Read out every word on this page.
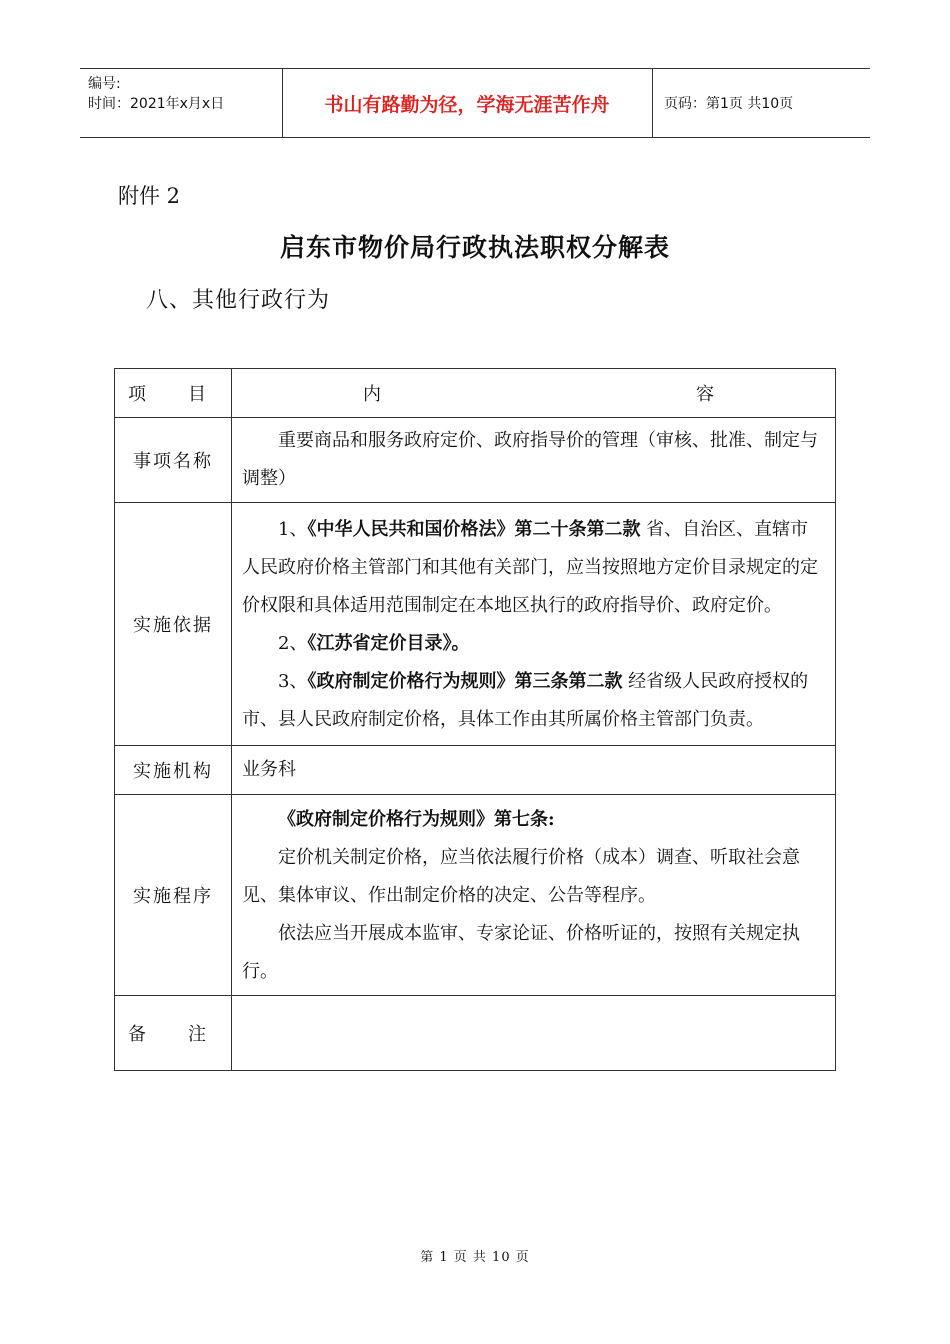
编号:
时间：2021年x月x日	书山有路勤为径，学海无涯苦作舟	页码：第1页 共10页
附件 2
启东市物价局行政执法职权分解表
八、其他行政行为
项 目	内 容

事项名称	重要商品和服务政府定价、政府指导价的管理（审核、批准、制定与调整）

实施依据	1、《中华人民共和国价格法》第二十条第二款 省、自治区、直辖市人民政府价格主管部门和其他有关部门，应当按照地方定价目录规定的定价权限和具体适用范围制定在本地区执行的政府指导价、政府定价。

2、《江苏省定价目录》。

3、《政府制定价格行为规则》第三条第二款 经省级人民政府授权的市、县人民政府制定价格，具体工作由其所属价格主管部门负责。

实施机构	业务科

实施程序	《政府制定价格行为规则》第七条:

定价机关制定价格，应当依法履行价格（成本）调查、听取社会意见、集体审议、作出制定价格的决定、公告等程序。

依法应当开展成本监审、专家论证、价格听证的，按照有关规定执行。

备 注	

第 1 页 共 10 页
